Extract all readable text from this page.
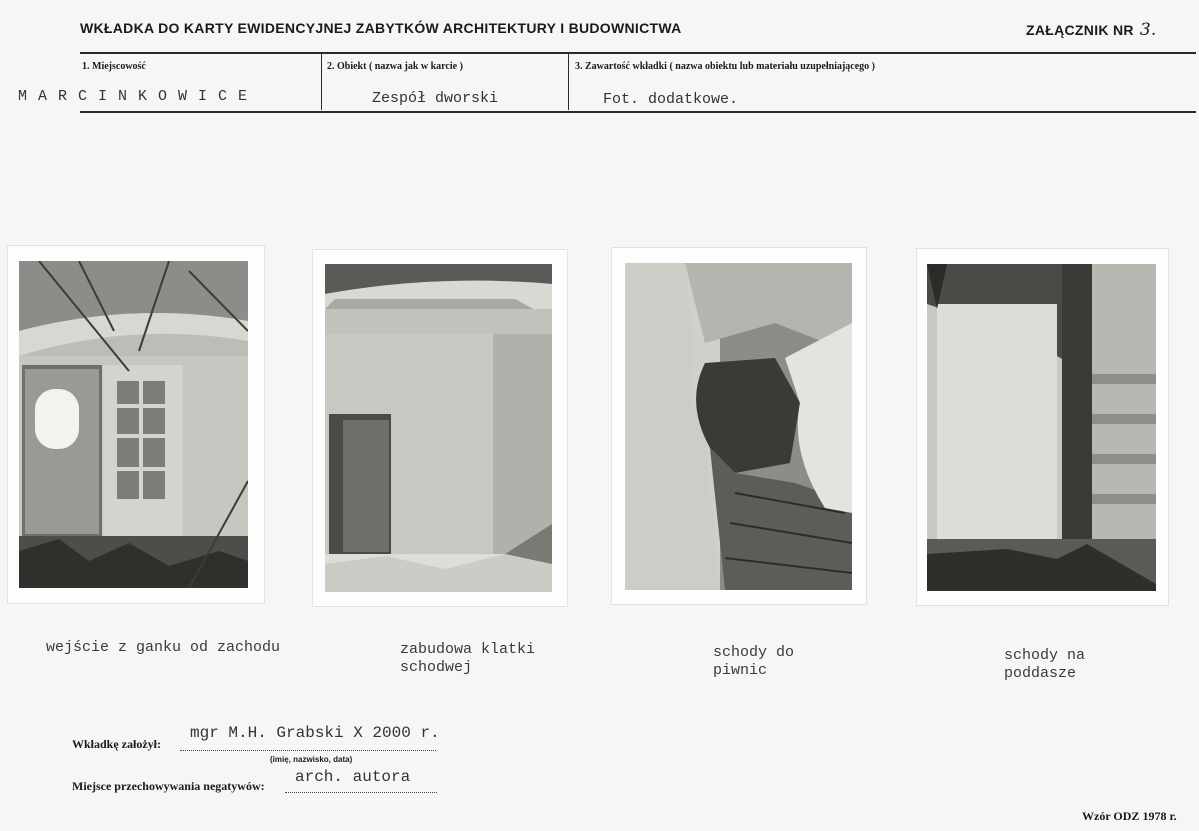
WKŁADKA DO KARTY EWIDENCYJNEJ ZABYTKÓW ARCHITEKTURY I BUDOWNICTWA	ZAŁĄCZNIK NR 3.
1. Miejscowość	2. Obiekt ( nazwa jak w karcie )	3. Zawartość wkładki ( nazwa obiektu lub materiału uzupełniającego )
M A R C I N K O W I C E	Zespół dworski	Fot. dodatkowe.
wejście z ganku od zachodu	zabudowa klatki
schodwej
schody do
piwnic
schody na
poddasze
Wkładkę założył:
mgr M.H. Grabski X 2000 r.
(imię, nazwisko, data)
Miejsce przechowywania negatywów: arch. autora
Wzór ODZ 1978 r.
